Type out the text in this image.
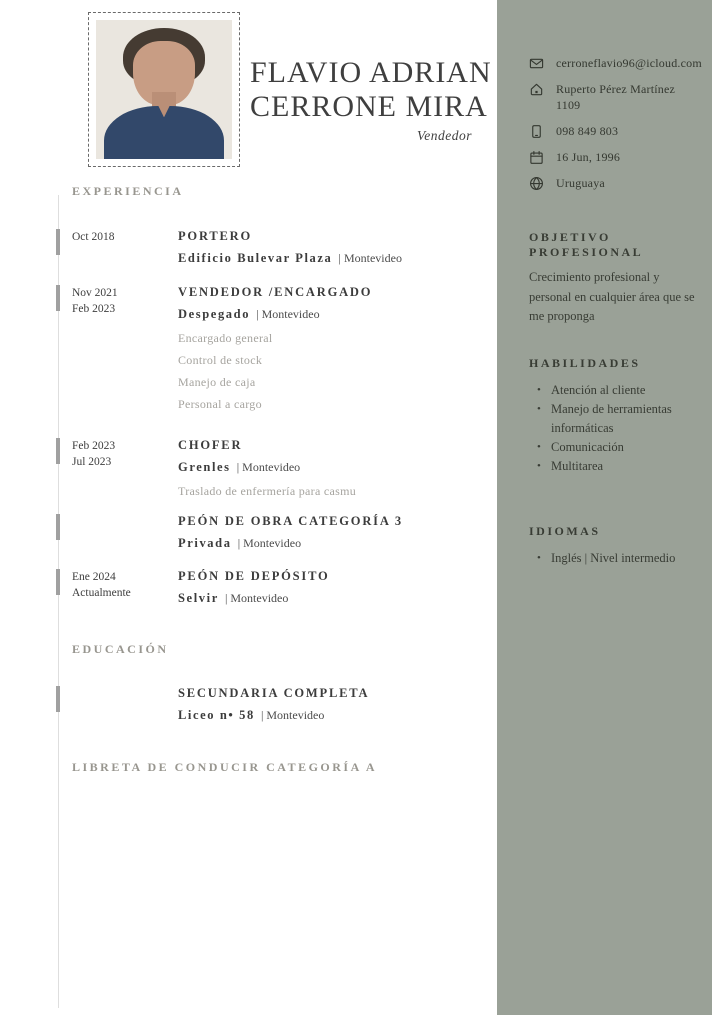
FLAVIO ADRIAN
CERRONE MIRA
Vendedor
EXPERIENCIA
Oct 2018	PORTERO
Edificio Bulevar Plaza | Montevideo
Nov 2021
Feb 2023
VENDEDOR /ENCARGADO
Despegado | Montevideo
Encargado general
Control de stock
Manejo de caja
Personal a cargo
Feb 2023
Jul 2023
CHOFER
Grenles | Montevideo
Traslado de enfermería para casmu
PEÓN DE OBRA CATEGORÍA 3
Privada | Montevideo
Ene 2024
Actualmente
PEÓN DE DEPÓSITO
Selvir | Montevideo
EDUCACIÓN
SECUNDARIA COMPLETA
Liceo n• 58 | Montevideo
LIBRETA DE CONDUCIR CATEGORÍA A
cerroneflavio96@icloud.com
Ruperto Pérez Martínez
1109
098 849 803
16 Jun, 1996
Uruguaya
OBJETIVO PROFESIONAL
Crecimiento profesional y personal en cualquier área que se me proponga
HABILIDADES
• Atención al cliente
• Manejo de herramientas informáticas
• Comunicación
• Multitarea
IDIOMAS
• Inglés | Nivel intermedio
